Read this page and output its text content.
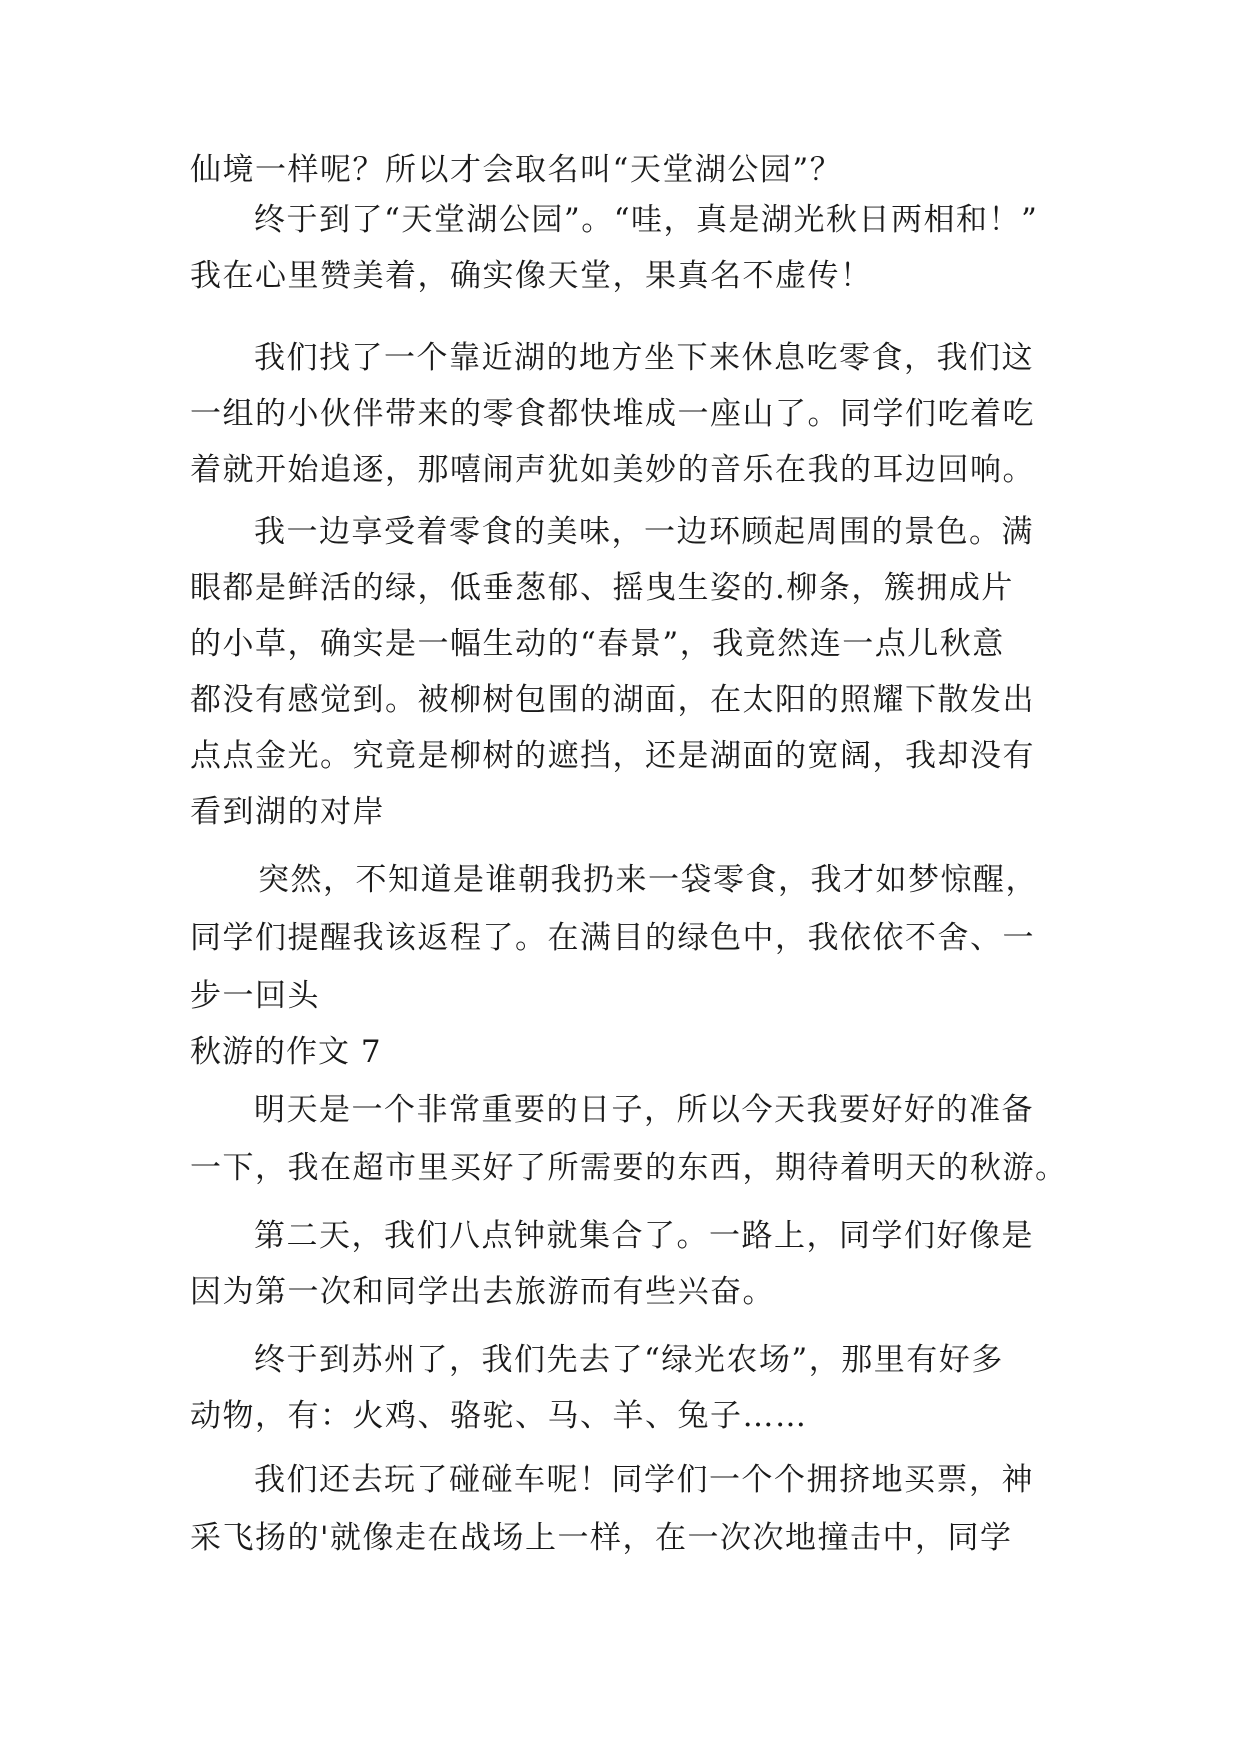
仙境一样呢？所以才会取名叫“天堂湖公园”？
终于到了“天堂湖公园”。“哇，真是湖光秋日两相和！”
我在心里赞美着，确实像天堂，果真名不虚传！
我们找了一个靠近湖的地方坐下来休息吃零食，我们这
一组的小伙伴带来的零食都快堆成一座山了。同学们吃着吃
着就开始追逐，那嘻闹声犹如美妙的音乐在我的耳边回响。
我一边享受着零食的美味，一边环顾起周围的景色。满
眼都是鲜活的绿，低垂葱郁、摇曳生姿的.柳条，簇拥成片
的小草，确实是一幅生动的“春景”，我竟然连一点儿秋意
都没有感觉到。被柳树包围的湖面，在太阳的照耀下散发出
点点金光。究竟是柳树的遮挡，还是湖面的宽阔，我却没有
看到湖的对岸
突然，不知道是谁朝我扔来一袋零食，我才如梦惊醒，
同学们提醒我该返程了。在满目的绿色中，我依依不舍、一
步一回头
秋游的作文 7
明天是一个非常重要的日子，所以今天我要好好的准备
一下，我在超市里买好了所需要的东西，期待着明天的秋游。
第二天，我们八点钟就集合了。一路上，同学们好像是
因为第一次和同学出去旅游而有些兴奋。
终于到苏州了，我们先去了“绿光农场”，那里有好多
动物，有：火鸡、骆驼、马、羊、兔子……
我们还去玩了碰碰车呢！同学们一个个拥挤地买票，神
采飞扬的'就像走在战场上一样，在一次次地撞击中，同学
